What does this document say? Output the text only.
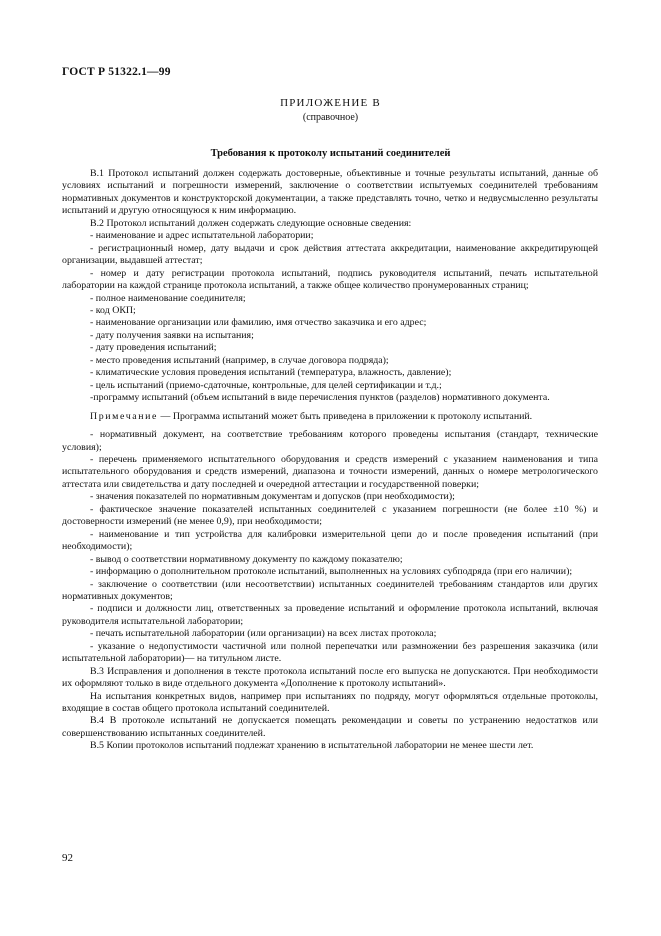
ГОСТ Р 51322.1—99
ПРИЛОЖЕНИЕ В
(справочное)
Требования к протоколу испытаний соединителей

В.1 Протокол испытаний должен содержать достоверные, объективные и точные результаты испытаний, данные об условиях испытаний и погрешности измерений, заключение о соответствии испытуемых соединителей требованиям нормативных документов и конструкторской документации, а также представлять точно, четко и недвусмысленно результаты испытаний и другую относящуюся к ним информацию.

В.2 Протокол испытаний должен содержать следующие основные сведения:

- наименование и адрес испытательной лаборатории;

- регистрационный номер, дату выдачи и срок действия аттестата аккредитации, наименование аккредитирующей организации, выдавшей аттестат;

- номер и дату регистрации протокола испытаний, подпись руководителя испытаний, печать испытательной лаборатории на каждой странице протокола испытаний, а также общее количество пронумерованных страниц;

- полное наименование соединителя;

- код ОКП;

- наименование организации или фамилию, имя отчество заказчика и его адрес;

- дату получения заявки на испытания;

- дату проведения испытаний;

- место проведения испытаний (например, в случае договора подряда);

- климатические условия проведения испытаний (температура, влажность, давление);

- цель испытаний (приемо-сдаточные, контрольные, для целей сертификации и т.д.;

-программу испытаний (объем испытаний в виде перечисления пунктов (разделов) нормативного документа.

Примечание — Программа испытаний может быть приведена в приложении к протоколу испытаний.

- нормативный документ, на соответствие требованиям которого проведены испытания (стандарт, технические условия);

- перечень применяемого испытательного оборудования и средств измерений с указанием наименования и типа испытательного оборудования и средств измерений, диапазона и точности измерений, данных о номере метрологического аттестата или свидетельства и дату последней и очередной аттестации и государственной поверки;

- значения показателей по нормативным документам и допусков (при необходимости);

- фактическое значение показателей испытанных соединителей с указанием погрешности (не более ±10 %) и достоверности измерений (не менее 0,9), при необходимости;

- наименование и тип устройства для калибровки измерительной цепи до и после проведения испытаний (при необходимости);

- вывод о соответствии нормативному документу по каждому показателю;

- информацию о дополнительном протоколе испытаний, выполненных на условиях субподряда (при его наличии);

- заключение о соответствии (или несоответствии) испытанных соединителей требованиям стандартов или других нормативных документов;

- подписи и должности лиц, ответственных за проведение испытаний и оформление протокола испытаний, включая руководителя испытательной лаборатории;

- печать испытательной лаборатории (или организации) на всех листах протокола;

- указание о недопустимости частичной или полной перепечатки или размножении без разрешения заказчика (или испытательной лаборатории)— на титульном листе.

В.3 Исправления и дополнения в тексте протокола испытаний после его выпуска не допускаются. При необходимости их оформляют только в виде отдельного документа «Дополнение к протоколу испытаний».

На испытания конкретных видов, например при испытаниях по подряду, могут оформляться отдельные протоколы, входящие в состав общего протокола испытаний соединителей.

В.4 В протоколе испытаний не допускается помещать рекомендации и советы по устранению недостатков или совершенствованию испытанных соединителей.

В.5 Копии протоколов испытаний подлежат хранению в испытательной лаборатории не менее шести лет.

92
